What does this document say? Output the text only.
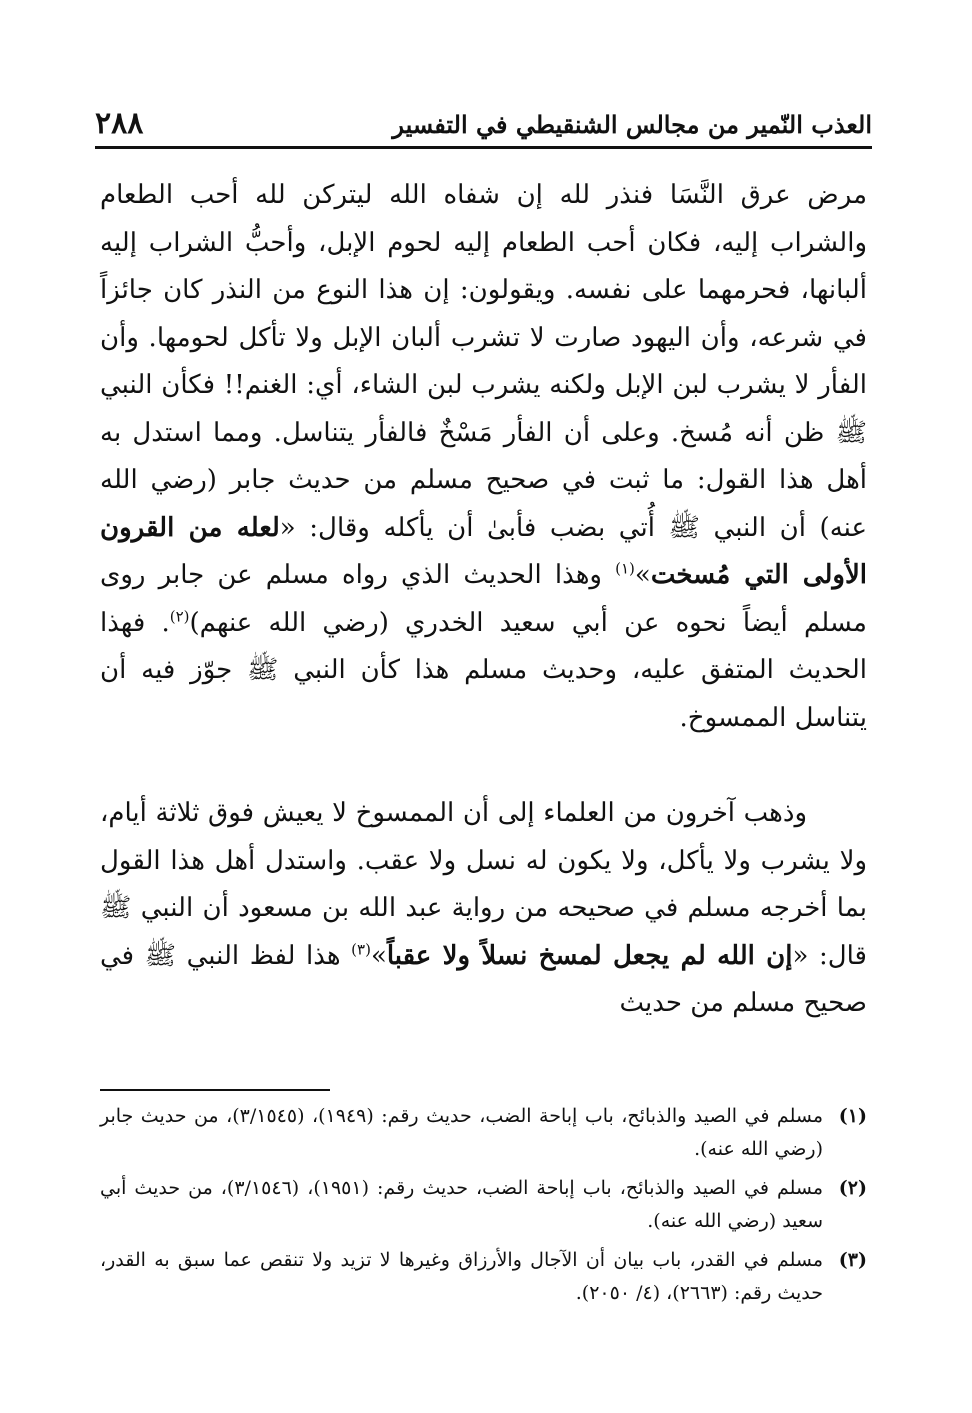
العذب النّمير من مجالس الشنقيطي في التفسير
٢٨٨

مرض عرق النَّسَا فنذر لله إن شفاه الله ليتركن لله أحب الطعام والشراب إليه، فكان أحب الطعام إليه لحوم الإبل، وأحبُّ الشراب إليه ألبانها، فحرمهما على نفسه. ويقولون: إن هذا النوع من النذر كان جائزاً في شرعه، وأن اليهود صارت لا تشرب ألبان الإبل ولا تأكل لحومها. وأن الفأر لا يشرب لبن الإبل ولكنه يشرب لبن الشاء، أي: الغنم!! فكأن النبي ﷺ ظن أنه مُسخ. وعلى أن الفأر مَسْخٌ فالفأر يتناسل. ومما استدل به أهل هذا القول: ما ثبت في صحيح مسلم من حديث جابر (رضي الله عنه) أن النبي ﷺ أُتي بضب فأبىٰ أن يأكله وقال: «لعله من القرون الأولى التي مُسخت»$^{(١)}$ وهذا الحديث الذي رواه مسلم عن جابر روى مسلم أيضاً نحوه عن أبي سعيد الخدري (رضي الله عنهم)$^{(٢)}$. فهذا الحديث المتفق عليه، وحديث مسلم هذا كأن النبي ﷺ جوّز فيه أن يتناسل الممسوخ.

وذهب آخرون من العلماء إلى أن الممسوخ لا يعيش فوق ثلاثة أيام، ولا يشرب ولا يأكل، ولا يكون له نسل ولا عقب. واستدل أهل هذا القول بما أخرجه مسلم في صحيحه من رواية عبد الله بن مسعود أن النبي ﷺ قال: «إن الله لم يجعل لمسخ نسلاً ولا عقباً»$^{(٣)}$ هذا لفظ النبي ﷺ في صحيح مسلم من حديث

(١)
مسلم في الصيد والذبائح، باب إباحة الضب، حديث رقم: (١٩٤٩)، (٣/١٥٤٥)، من حديث جابر (رضي الله عنه).
(٢)
مسلم في الصيد والذبائح، باب إباحة الضب، حديث رقم: (١٩٥١)، (٣/١٥٤٦)، من حديث أبي سعيد (رضي الله عنه).
(٣)
مسلم في القدر، باب بيان أن الآجال والأرزاق وغيرها لا تزيد ولا تنقص عما سبق به القدر، حديث رقم: (٢٦٦٣)، (٤/ ٢٠٥٠).
